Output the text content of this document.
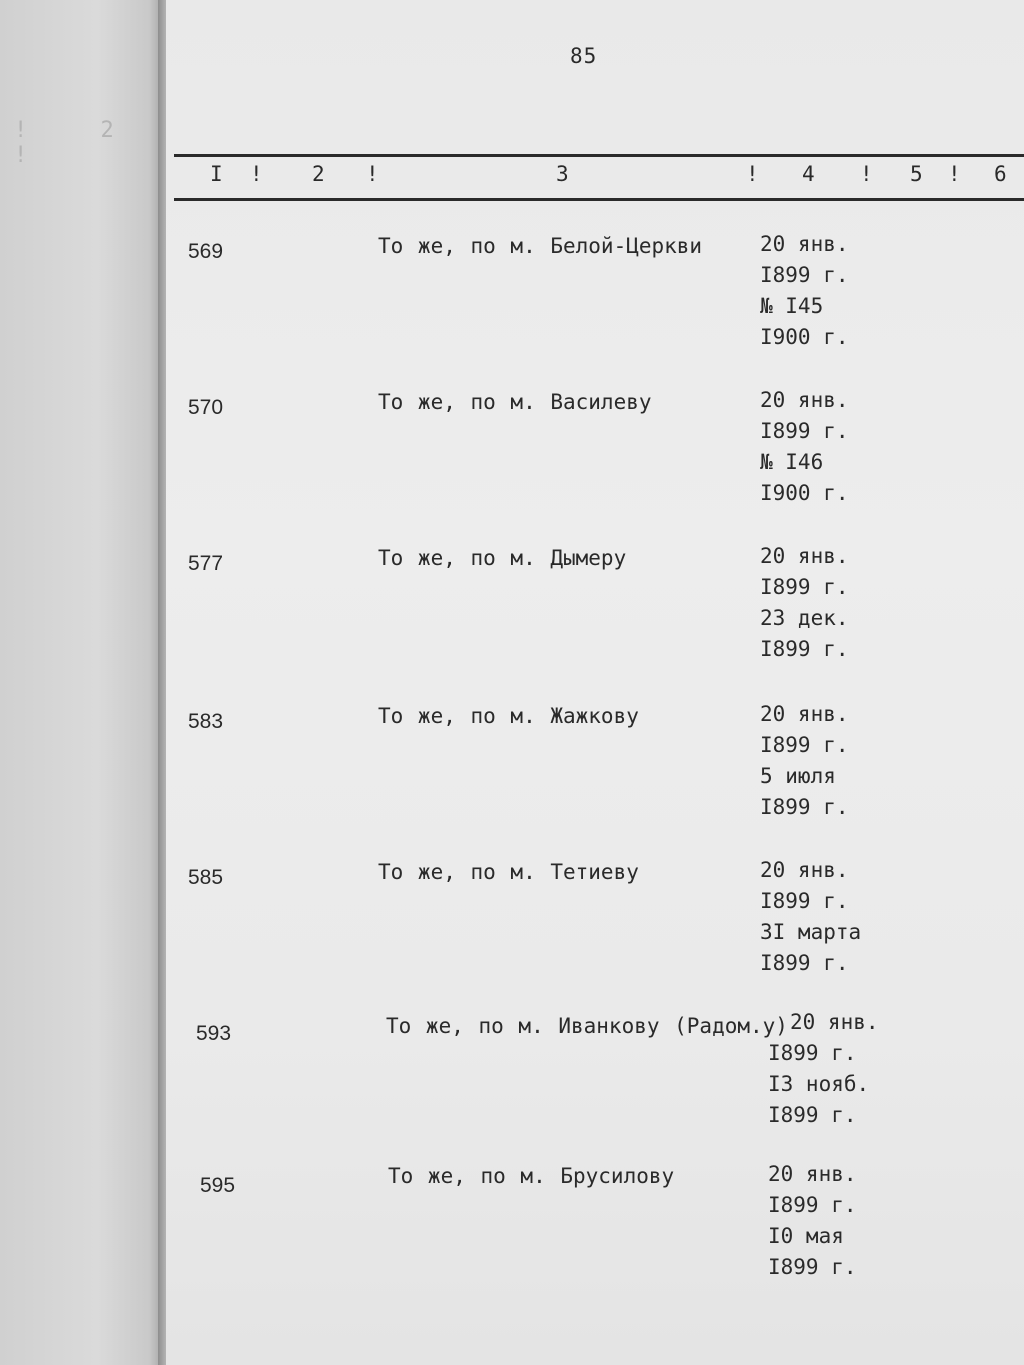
! 2 !
85
I ! 2 !	3	! 4 ! 5 ! 6
569	То же, по м. Белой-Церкви	20 янв.
I899 г.
№ I45
I900 г.
570	То же, по м. Василеву	20 янв.
I899 г.
№ I46
I900 г.
577	То же, по м. Дымеру	20 янв.
I899 г.
23 дек.
I899 г.
583	То же, по м. Жажкову	20 янв.
I899 г.
5 июля
I899 г.
585	То же, по м. Тетиеву	20 янв.
I899 г.
3I марта
I899 г.
593	То же, по м. Иванкову (Радом.у) 20 янв.
I899 г.
I3 нояб.
I899 г.
595	То же, по м. Брусилову	20 янв.
I899 г.
I0 мая
I899 г.
